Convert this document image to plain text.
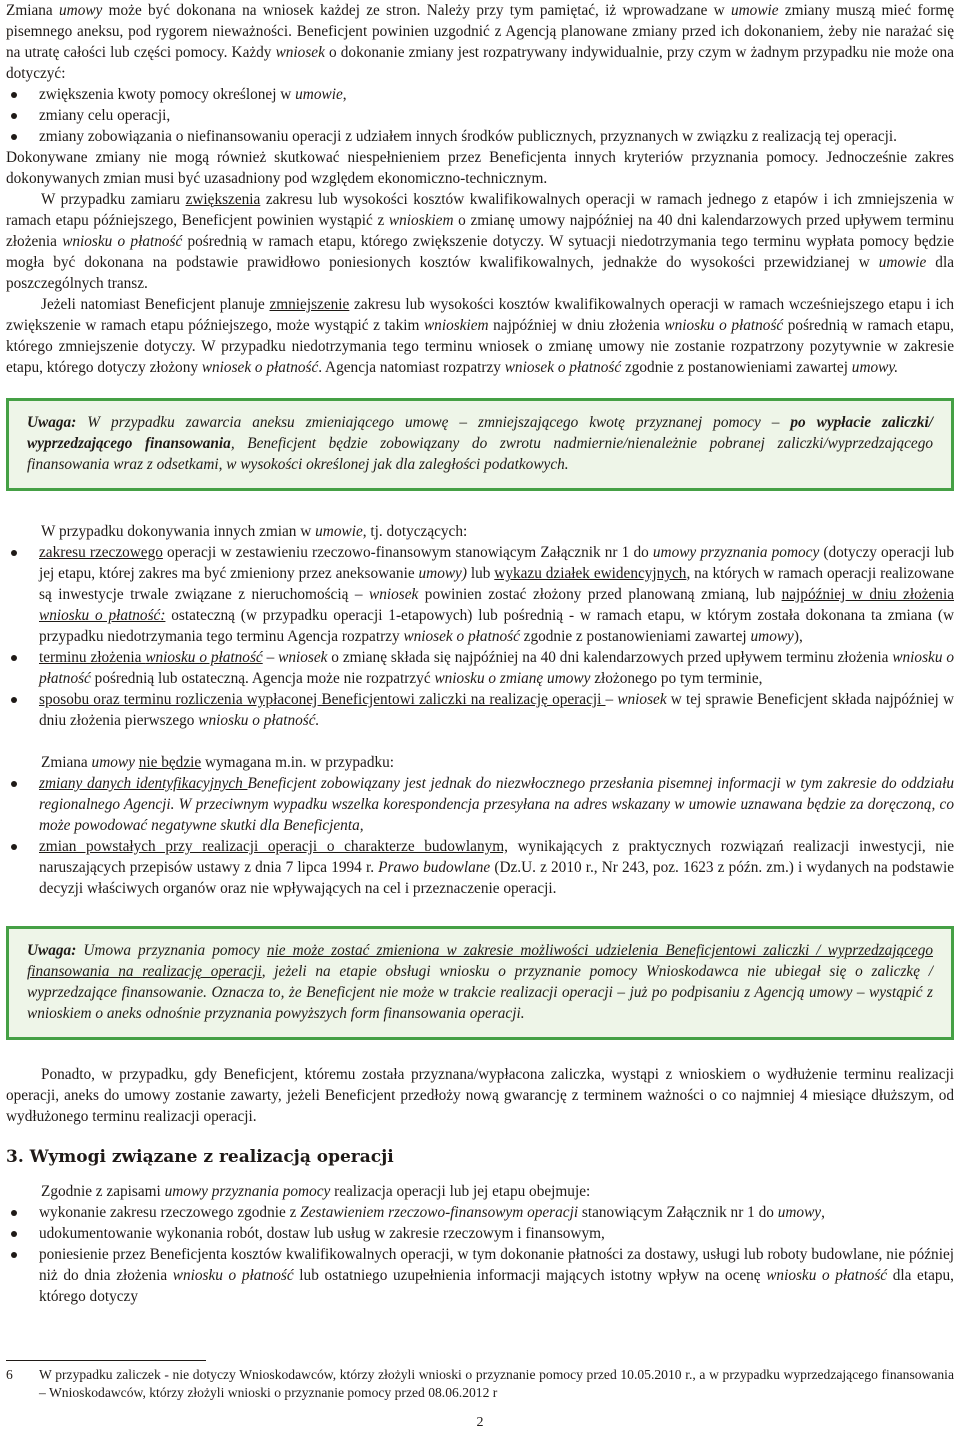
Zmiana umowy może być dokonana na wniosek każdej ze stron. Należy przy tym pamiętać, iż wprowadzane w umowie zmiany muszą mieć formę pisemnego aneksu, pod rygorem nieważności. Beneficjent powinien uzgodnić z Agencją planowane zmiany przed ich dokonaniem, żeby nie narażać się na utratę całości lub części pomocy. Każdy wniosek o dokonanie zmiany jest rozpatrywany indywidualnie, przy czym w żadnym przypadku nie może ona dotyczyć:

zwiększenia kwoty pomocy określonej w umowie,
zmiany celu operacji,
zmiany zobowiązania o niefinansowaniu operacji z udziałem innych środków publicznych, przyznanych w związku z realizacją tej operacji.

Dokonywane zmiany nie mogą również skutkować niespełnieniem przez Beneficjenta innych kryteriów przyznania pomocy. Jednocześnie zakres dokonywanych zmian musi być uzasadniony pod względem ekonomiczno-technicznym.

W przypadku zamiaru zwiększenia zakresu lub wysokości kosztów kwalifikowalnych operacji w ramach jednego z etapów i ich zmniejszenia w ramach etapu późniejszego, Beneficjent powinien wystąpić z wnioskiem o zmianę umowy najpóźniej na 40 dni kalendarzowych przed upływem terminu złożenia wniosku o płatność pośrednią w ramach etapu, którego zwiększenie dotyczy. W sytuacji niedotrzymania tego terminu wypłata pomocy będzie mogła być dokonana na podstawie prawidłowo poniesionych kosztów kwalifikowalnych, jednakże do wysokości przewidzianej w umowie dla poszczególnych transz.

Jeżeli natomiast Beneficjent planuje zmniejszenie zakresu lub wysokości kosztów kwalifikowalnych operacji w ramach wcześniejszego etapu i ich zwiększenie w ramach etapu późniejszego, może wystąpić z takim wnioskiem najpóźniej w dniu złożenia wniosku o płatność pośrednią w ramach etapu, którego zmniejszenie dotyczy. W przypadku niedotrzymania tego terminu wniosek o zmianę umowy nie zostanie rozpatrzony pozytywnie w zakresie etapu, którego dotyczy złożony wniosek o płatność. Agencja natomiast rozpatrzy wniosek o płatność zgodnie z postanowieniami zawartej umowy.

Uwaga: W przypadku zawarcia aneksu zmieniającego umowę – zmniejszającego kwotę przyznanej pomocy – po wypłacie zaliczki/ wyprzedzającego finansowania, Beneficjent będzie zobowiązany do zwrotu nadmiernie/nienależnie pobranej zaliczki/wyprzedzającego finansowania wraz z odsetkami, w wysokości określonej jak dla zaległości podatkowych.

W przypadku dokonywania innych zmian w umowie, tj. dotyczących:

zakresu rzeczowego operacji w zestawieniu rzeczowo-finansowym stanowiącym Załącznik nr 1 do umowy przyznania pomocy (dotyczy operacji lub jej etapu, której zakres ma być zmieniony przez aneksowanie umowy) lub wykazu działek ewidencyjnych, na których w ramach operacji realizowane są inwestycje trwale związane z nieruchomością – wniosek powinien zostać złożony przed planowaną zmianą, lub najpóźniej w dniu złożenia wniosku o płatność: ostateczną (w przypadku operacji 1-etapowych) lub pośrednią - w ramach etapu, w którym została dokonana ta zmiana (w przypadku niedotrzymania tego terminu Agencja rozpatrzy wniosek o płatność zgodnie z postanowieniami zawartej umowy),
terminu złożenia wniosku o płatność – wniosek o zmianę składa się najpóźniej na 40 dni kalendarzowych przed upływem terminu złożenia wniosku o płatność pośrednią lub ostateczną. Agencja może nie rozpatrzyć wniosku o zmianę umowy złożonego po tym terminie,
sposobu oraz terminu rozliczenia wypłaconej Beneficjentowi zaliczki na realizację operacji – wniosek w tej sprawie Beneficjent składa najpóźniej w dniu złożenia pierwszego wniosku o płatność.

Zmiana umowy nie będzie wymagana m.in. w przypadku:

zmiany danych identyfikacyjnych Beneficjent zobowiązany jest jednak do niezwłocznego przesłania pisemnej informacji w tym zakresie do oddziału regionalnego Agencji. W przeciwnym wypadku wszelka korespondencja przesyłana na adres wskazany w umowie uznawana będzie za doręczoną, co może powodować negatywne skutki dla Beneficjenta,
zmian powstałych przy realizacji operacji o charakterze budowlanym, wynikających z praktycznych rozwiązań realizacji inwestycji, nie naruszających przepisów ustawy z dnia 7 lipca 1994 r. Prawo budowlane (Dz.U. z 2010 r., Nr 243, poz. 1623 z późn. zm.) i wydanych na podstawie decyzji właściwych organów oraz nie wpływających na cel i przeznaczenie operacji.

Uwaga: Umowa przyznania pomocy nie może zostać zmieniona w zakresie możliwości udzielenia Beneficjentowi zaliczki / wyprzedzającego finansowania na realizację operacji, jeżeli na etapie obsługi wniosku o przyznanie pomocy Wnioskodawca nie ubiegał się o zaliczkę / wyprzedzające finansowanie. Oznacza to, że Beneficjent nie może w trakcie realizacji operacji – już po podpisaniu z Agencją umowy – wystąpić z wnioskiem o aneks odnośnie przyznania powyższych form finansowania operacji.

Ponadto, w przypadku, gdy Beneficjent, któremu została przyznana/wypłacona zaliczka, wystąpi z wnioskiem o wydłużenie terminu realizacji operacji, aneks do umowy zostanie zawarty, jeżeli Beneficjent przedłoży nową gwarancję z terminem ważności o co najmniej 4 miesiące dłuższym, od wydłużonego terminu realizacji operacji.

3. Wymogi związane z realizacją operacji

Zgodnie z zapisami umowy przyznania pomocy realizacja operacji lub jej etapu obejmuje:

wykonanie zakresu rzeczowego zgodnie z Zestawieniem rzeczowo-finansowym operacji stanowiącym Załącznik nr 1 do umowy,
udokumentowanie wykonania robót, dostaw lub usług w zakresie rzeczowym i finansowym,
poniesienie przez Beneficjenta kosztów kwalifikowalnych operacji, w tym dokonanie płatności za dostawy, usługi lub roboty budowlane, nie później niż do dnia złożenia wniosku o płatność lub ostatniego uzupełnienia informacji mających istotny wpływ na ocenę wniosku o płatność dla etapu, którego dotyczy
6	W przypadku zaliczek - nie dotyczy Wnioskodawców, którzy złożyli wnioski o przyznanie pomocy przed 10.05.2010 r., a w przypadku wyprzedzającego finansowania – Wnioskodawców, którzy złożyli wnioski o przyznanie pomocy przed 08.06.2012 r
2
